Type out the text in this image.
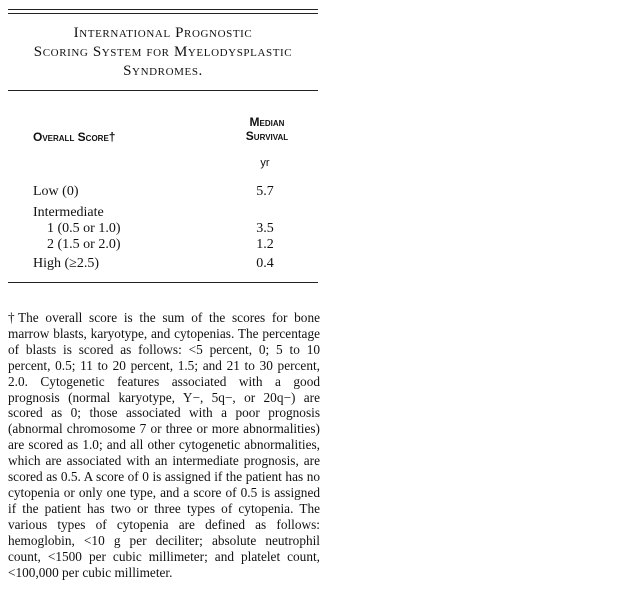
International Prognostic
Scoring System for Myelodysplastic
Syndromes.
Overall Score†
Median
Survival
yr
Low (0)	5.7
Intermediate
1 (0.5 or 1.0)	3.5
2 (1.5 or 2.0)	1.2
High (≥2.5)	0.4
†The overall score is the sum of the scores for bone marrow blasts, karyotype, and cytopenias. The percentage of blasts is scored as follows: <5 percent, 0; 5 to 10 percent, 0.5; 11 to 20 percent, 1.5; and 21 to 30 percent, 2.0. Cytogenetic features associated with a good prognosis (normal karyotype, Y−, 5q−, or 20q−) are scored as 0; those associated with a poor prognosis (abnormal chromosome 7 or three or more abnormalities) are scored as 1.0; and all other cytogenetic abnormalities, which are associated with an intermediate prognosis, are scored as 0.5. A score of 0 is assigned if the patient has no cytopenia or only one type, and a score of 0.5 is assigned if the patient has two or three types of cytopenia. The various types of cytopenia are defined as follows: hemoglobin, <10 g per deciliter; absolute neutrophil count, <1500 per cubic millimeter; and platelet count, <100,000 per cubic millimeter.
